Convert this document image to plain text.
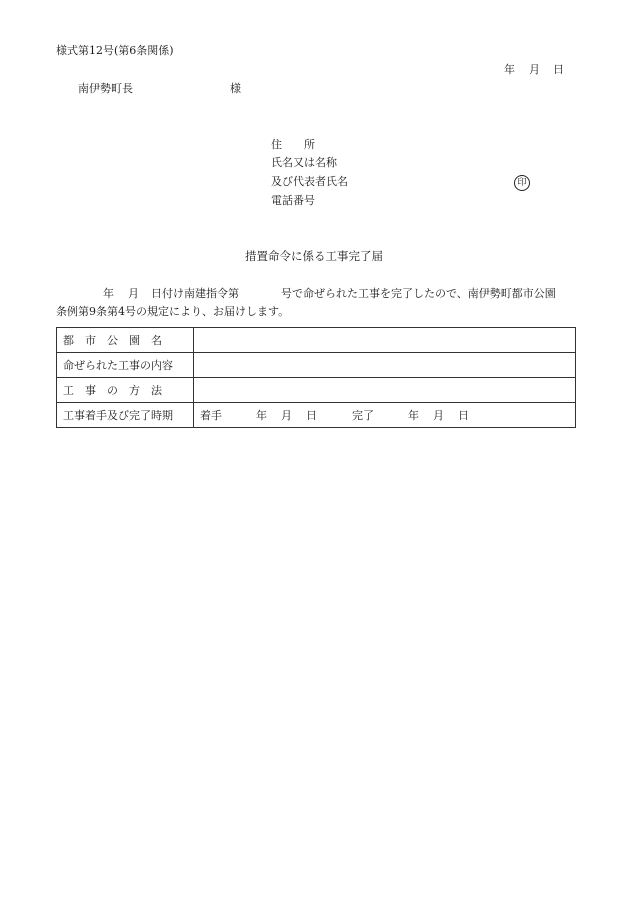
様式第12号(第6条関係)
年 月 日
南伊勢町長	様
住　　所
氏名又は名称
及び代表者氏名	印
電話番号
措置命令に係る工事完了届
年 月 日付け南建指令第	号で命ぜられた工事を完了したので、南伊勢町都市公園
条例第9条第4号の規定により、お届けします。
都　市　公　園　名	
命ぜられた工事の内容	
工　事　の　方　法	
工事着手及び完了時期	着手 年 月 日 完了 年 月 日
